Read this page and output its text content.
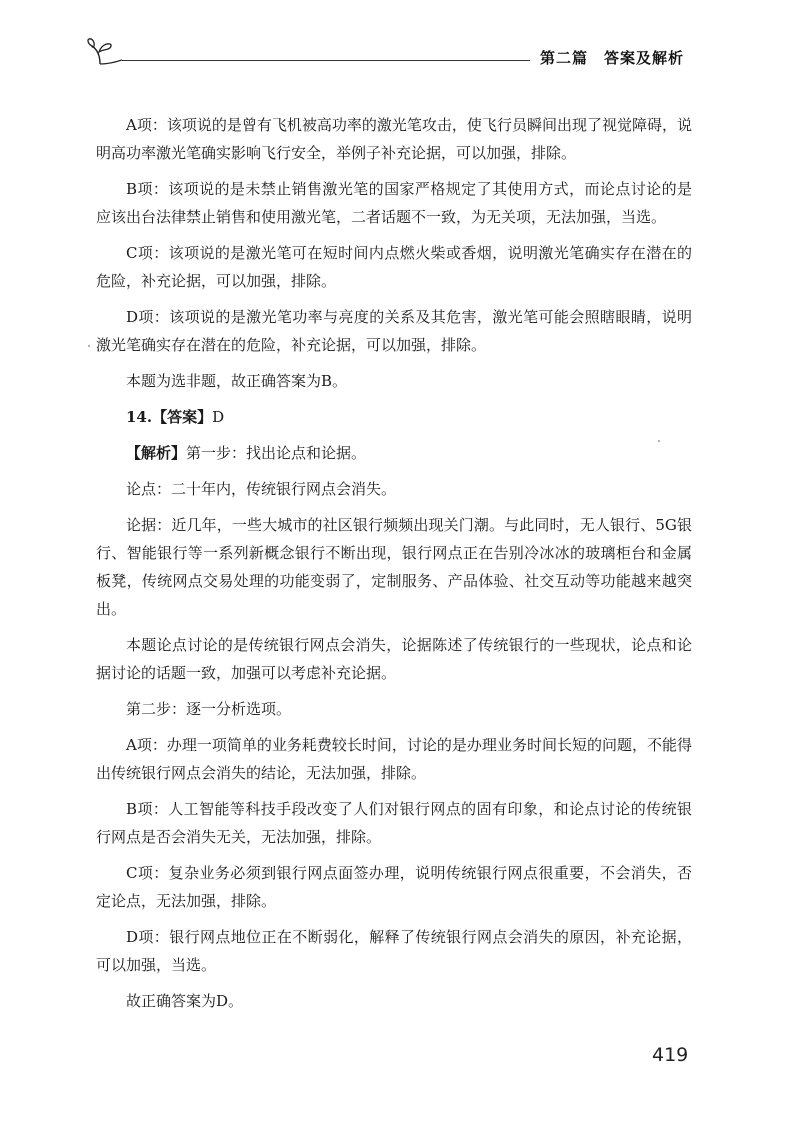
第二篇　答案及解析

A项：该项说的是曾有飞机被高功率的激光笔攻击，使飞行员瞬间出现了视觉障碍，说明高功率激光笔确实影响飞行安全，举例子补充论据，可以加强，排除。

B项：该项说的是未禁止销售激光笔的国家严格规定了其使用方式，而论点讨论的是应该出台法律禁止销售和使用激光笔，二者话题不一致，为无关项，无法加强，当选。

C项：该项说的是激光笔可在短时间内点燃火柴或香烟，说明激光笔确实存在潜在的危险，补充论据，可以加强，排除。

D项：该项说的是激光笔功率与亮度的关系及其危害，激光笔可能会照瞎眼睛，说明激光笔确实存在潜在的危险，补充论据，可以加强，排除。

本题为选非题，故正确答案为B。

14.【答案】D

【解析】第一步：找出论点和论据。

论点：二十年内，传统银行网点会消失。

论据：近几年，一些大城市的社区银行频频出现关门潮。与此同时，无人银行、5G银行、智能银行等一系列新概念银行不断出现，银行网点正在告别冷冰冰的玻璃柜台和金属板凳，传统网点交易处理的功能变弱了，定制服务、产品体验、社交互动等功能越来越突出。

本题论点讨论的是传统银行网点会消失，论据陈述了传统银行的一些现状，论点和论据讨论的话题一致，加强可以考虑补充论据。

第二步：逐一分析选项。

A项：办理一项简单的业务耗费较长时间，讨论的是办理业务时间长短的问题，不能得出传统银行网点会消失的结论，无法加强，排除。

B项：人工智能等科技手段改变了人们对银行网点的固有印象，和论点讨论的传统银行网点是否会消失无关，无法加强，排除。

C项：复杂业务必须到银行网点面签办理，说明传统银行网点很重要，不会消失，否定论点，无法加强，排除。

D项：银行网点地位正在不断弱化，解释了传统银行网点会消失的原因，补充论据，可以加强，当选。

故正确答案为D。

419
